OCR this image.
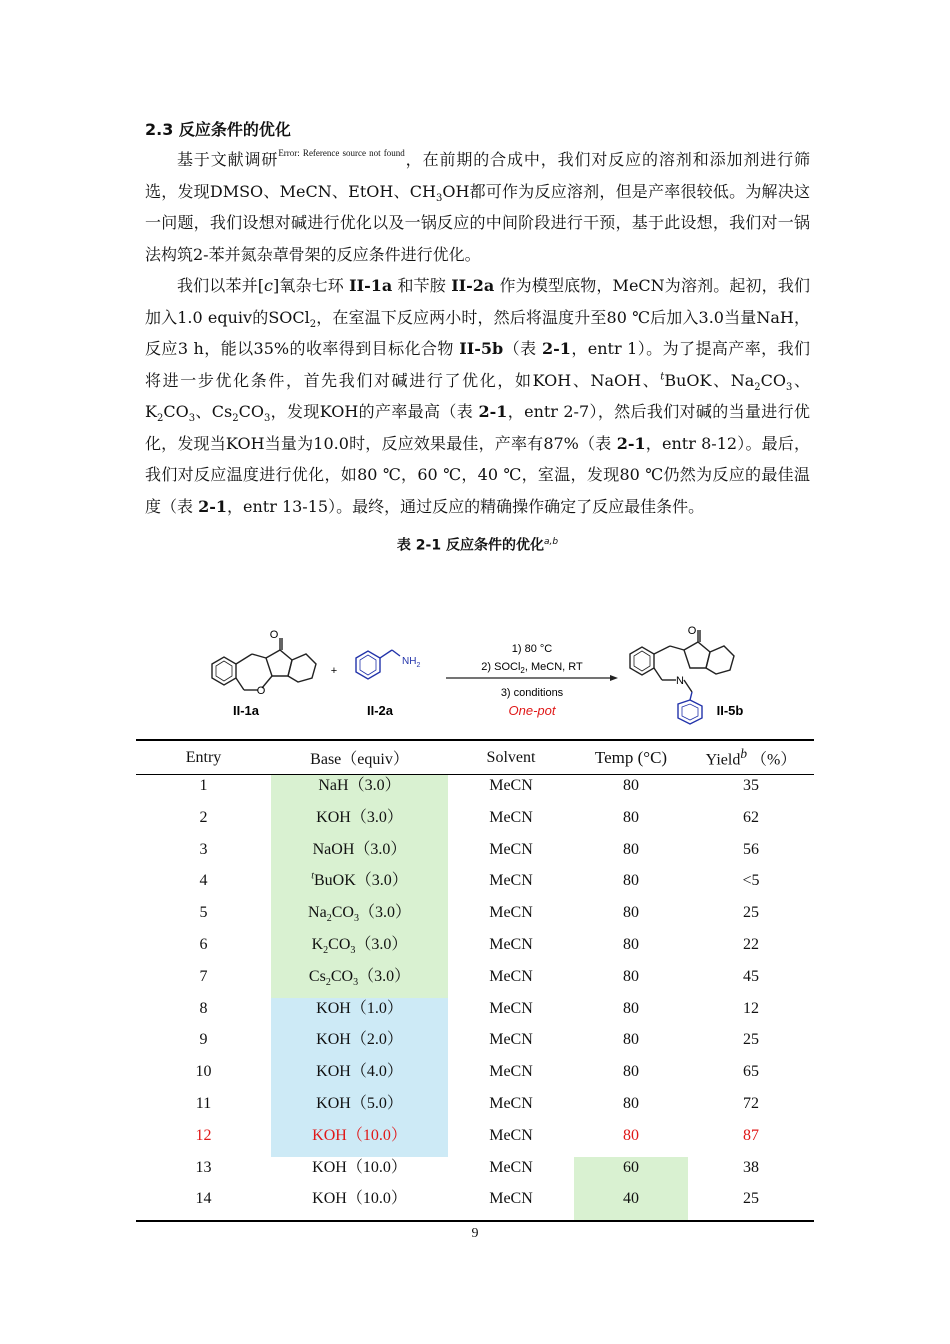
2.3 反应条件的优化

基于文献调研$^{Error: Reference source not found}$，在前期的合成中，我们对反应的溶剂和添加剂进行筛选，发现DMSO、MeCN、EtOH、$CH_3OH$都可作为反应溶剂，但是产率很较低。为解决这一问题，我们设想对碱进行优化以及一锅反应的中间阶段进行干预，基于此设想，我们对一锅法构筑2-苯并氮杂䓬骨架的反应条件进行优化。

我们以苯并[c]氧杂七环 II-1a 和苄胺 II-2a 作为模型底物，MeCN为溶剂。起初，我们加入1.0 equiv的SOCl$_2$，在室温下反应两小时，然后将温度升至80 ℃后加入3.0当量NaH，反应3 h，能以35%的收率得到目标化合物 II-5b（表 2-1，entr 1）。为了提高产率，我们将进一步优化条件，首先我们对碱进行了优化，如KOH、NaOH、$^t$BuOK、$Na_2CO_3$、$K_2CO_3$、$Cs_2CO_3$，发现KOH的产率最高（表 2-1，entr 2-7），然后我们对碱的当量进行优化，发现当KOH当量为10.0时，反应效果最佳，产率有87%（表 2-1，entr 8-12）。最后，我们对反应温度进行优化，如80 ℃，60 ℃，40 ℃，室温，发现80 ℃仍然为反应的最佳温度（表 2-1，entr 13-15）。最终，通过反应的精确操作确定了反应最佳条件。

表 2-1 反应条件的优化$^{a,b}$

O
O
II-1a
+
$NH_2$
II-2a
1) 80 °C
2) SOCl$_2$, MeCN, RT
3) conditions
One-pot
N
O
II-5b
Entry	Base（equiv）	Solvent	Temp (°C)	Yield$^b$ （%）
1	NaH（3.0）	MeCN	80	35
2	KOH（3.0）	MeCN	80	62
3	NaOH（3.0）	MeCN	80	56
4	$^t$BuOK（3.0）	MeCN	80	<5
5	$Na_2CO_3(3.0)$	MeCN	80	25
6	$K_2CO_3(3.0)$	MeCN	80	22
7	$Cs_2CO_3(3.0)$	MeCN	80	45
8	KOH（1.0）	MeCN	80	12
9	KOH（2.0）	MeCN	80	25
10	KOH（4.0）	MeCN	80	65
11	KOH（5.0）	MeCN	80	72
12	KOH（10.0）	MeCN	80	87
13	KOH（10.0）	MeCN	60	38
14	KOH（10.0）	MeCN	40	25
9
